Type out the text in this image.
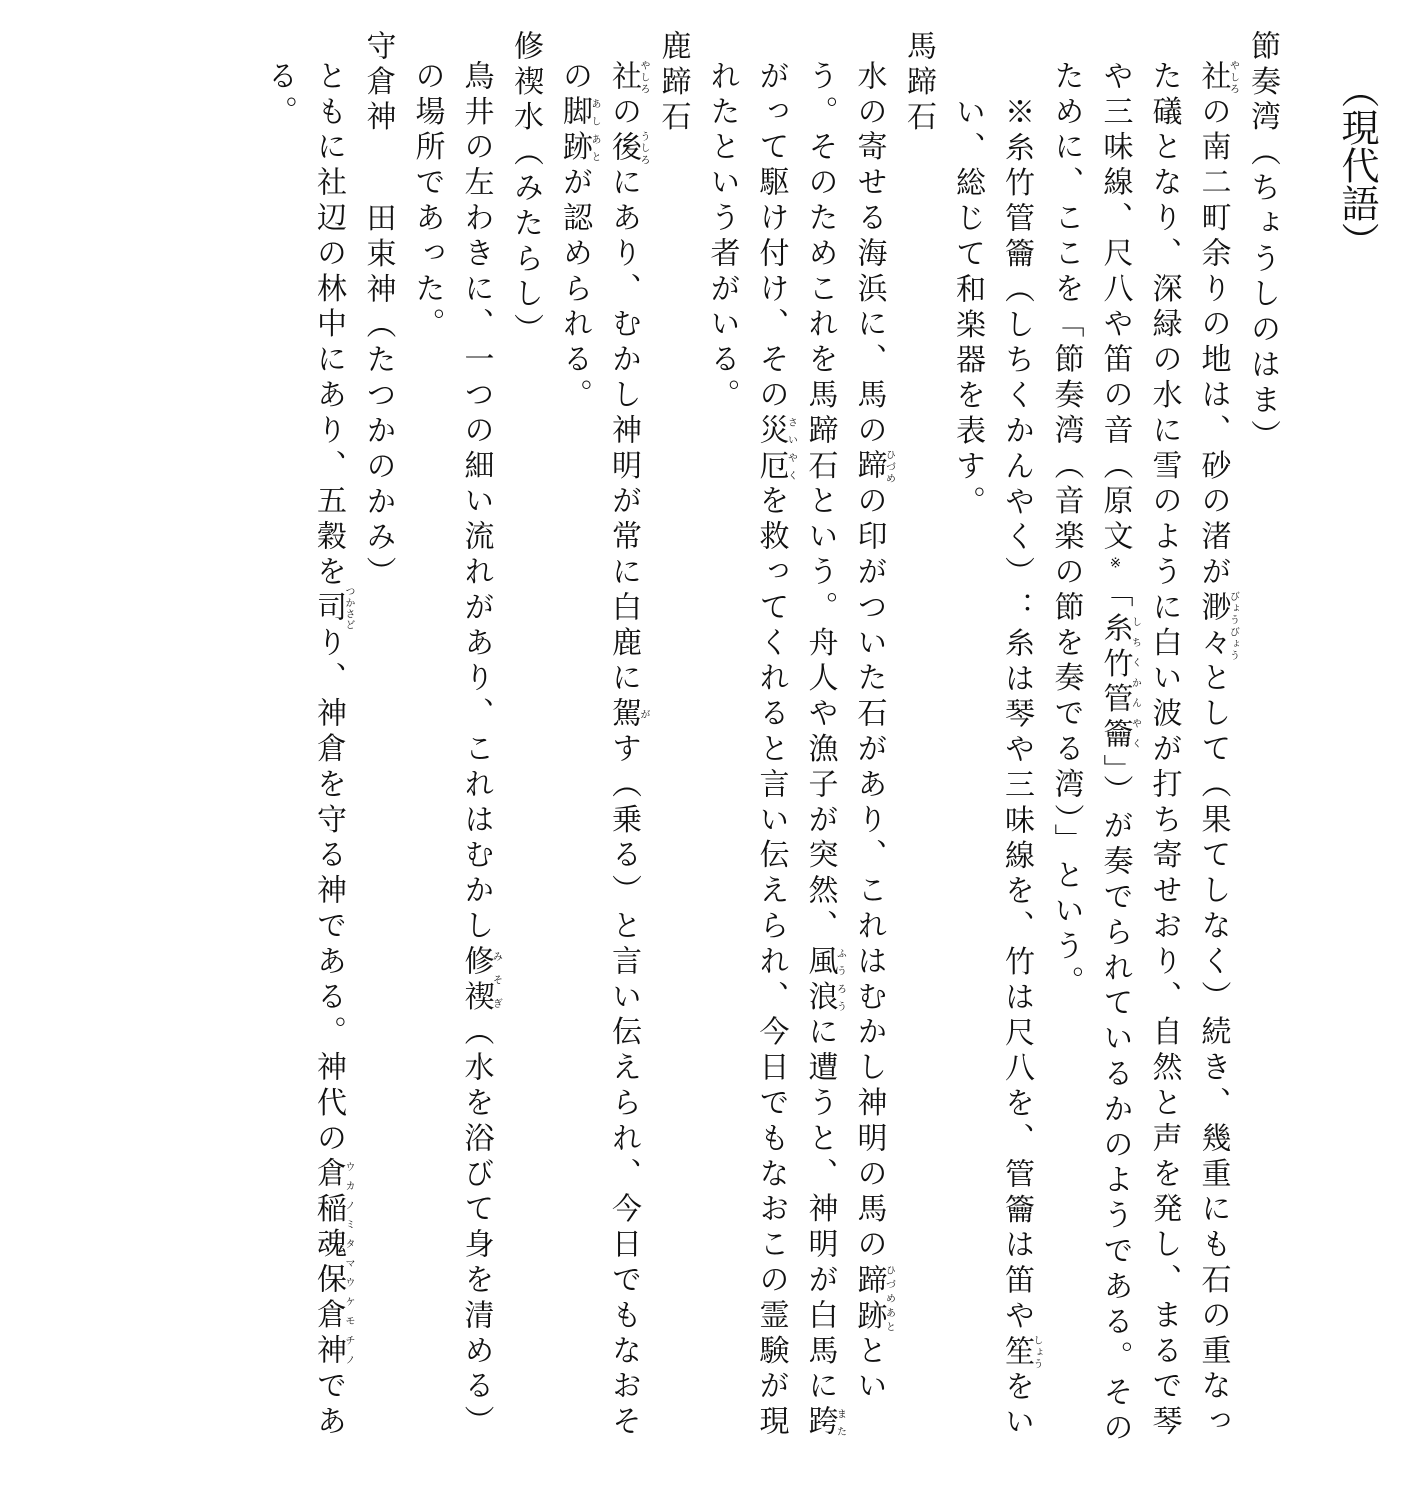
（現代語）
節奏湾（ちょうしのはま）
社やしろの南二町余りの地は、砂の渚が渺々びょうびょうとして（果てしなく）続き、幾重にも石の重なった礒となり、深緑の水に雪のように白い波が打ち寄せおり、自然と声を発し、まるで琴や三味線、尺八や笛の音（原文※「糸竹管籥しちくかんやく」）が奏でられているかのようである。そのために、ここを「節奏湾（音楽の節を奏でる湾）」という。
※糸竹管籥（しちくかんやく）：糸は琴や三味線を、竹は尺八を、管籥は笛や笙しょうをいい、総じて和楽器を表す。
馬蹄石
水の寄せる海浜に、馬の蹄ひづめの印がついた石があり、これはむかし神明の馬の蹄跡ひづめあとという。そのためこれを馬蹄石という。舟人や漁子が突然、風浪ふうろうに遭うと、神明が白馬に跨またがって駆け付け、その災厄さいやくを救ってくれると言い伝えられ、今日でもなおこの霊験が現れたという者がいる。
鹿蹄石
社やしろの後うしろにあり、むかし神明が常に白鹿に駕がす（乗る）と言い伝えられ、今日でもなおその脚跡あしあとが認められる。
修禊水（みたらし）
鳥井の左わきに、一つの細い流れがあり、これはむかし修禊みそぎ（水を浴びて身を清める）の場所であった。
守倉神田束神（たつかのかみ）
ともに社辺の林中にあり、五穀を司つかさどり、神倉を守る神である。神代の倉稲魂保倉神ウカノミタマウケモチノである。
